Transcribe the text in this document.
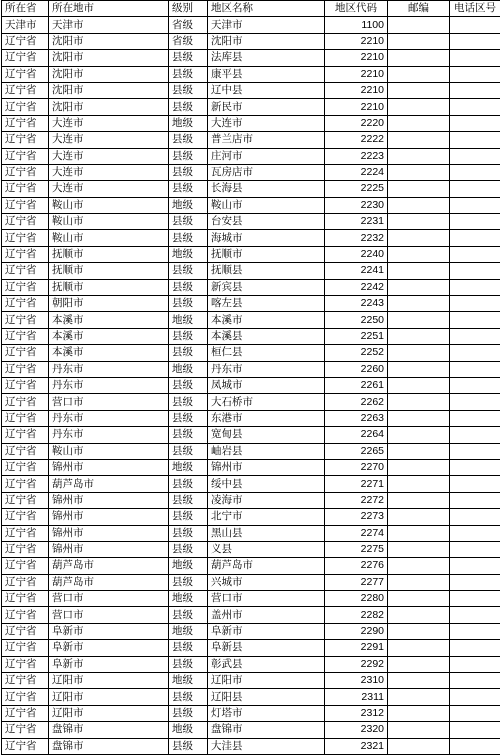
所在省	所在地市	级别	地区名称	地区代码	邮编	电话区号
天津市	天津市	省级	天津市	1100		
辽宁省	沈阳市	省级	沈阳市	2210		
辽宁省	沈阳市	县级	法库县	2210		
辽宁省	沈阳市	县级	康平县	2210		
辽宁省	沈阳市	县级	辽中县	2210		
辽宁省	沈阳市	县级	新民市	2210		
辽宁省	大连市	地级	大连市	2220		
辽宁省	大连市	县级	普兰店市	2222		
辽宁省	大连市	县级	庄河市	2223		
辽宁省	大连市	县级	瓦房店市	2224		
辽宁省	大连市	县级	长海县	2225		
辽宁省	鞍山市	地级	鞍山市	2230		
辽宁省	鞍山市	县级	台安县	2231		
辽宁省	鞍山市	县级	海城市	2232		
辽宁省	抚顺市	地级	抚顺市	2240		
辽宁省	抚顺市	县级	抚顺县	2241		
辽宁省	抚顺市	县级	新宾县	2242		
辽宁省	朝阳市	县级	喀左县	2243		
辽宁省	本溪市	地级	本溪市	2250		
辽宁省	本溪市	县级	本溪县	2251		
辽宁省	本溪市	县级	桓仁县	2252		
辽宁省	丹东市	地级	丹东市	2260		
辽宁省	丹东市	县级	凤城市	2261		
辽宁省	营口市	县级	大石桥市	2262		
辽宁省	丹东市	县级	东港市	2263		
辽宁省	丹东市	县级	宽甸县	2264		
辽宁省	鞍山市	县级	岫岩县	2265		
辽宁省	锦州市	地级	锦州市	2270		
辽宁省	葫芦岛市	县级	绥中县	2271		
辽宁省	锦州市	县级	凌海市	2272		
辽宁省	锦州市	县级	北宁市	2273		
辽宁省	锦州市	县级	黑山县	2274		
辽宁省	锦州市	县级	义县	2275		
辽宁省	葫芦岛市	地级	葫芦岛市	2276		
辽宁省	葫芦岛市	县级	兴城市	2277		
辽宁省	营口市	地级	营口市	2280		
辽宁省	营口市	县级	盖州市	2282		
辽宁省	阜新市	地级	阜新市	2290		
辽宁省	阜新市	县级	阜新县	2291		
辽宁省	阜新市	县级	彰武县	2292		
辽宁省	辽阳市	地级	辽阳市	2310		
辽宁省	辽阳市	县级	辽阳县	2311		
辽宁省	辽阳市	县级	灯塔市	2312		
辽宁省	盘锦市	地级	盘锦市	2320		
辽宁省	盘锦市	县级	大洼县	2321		
